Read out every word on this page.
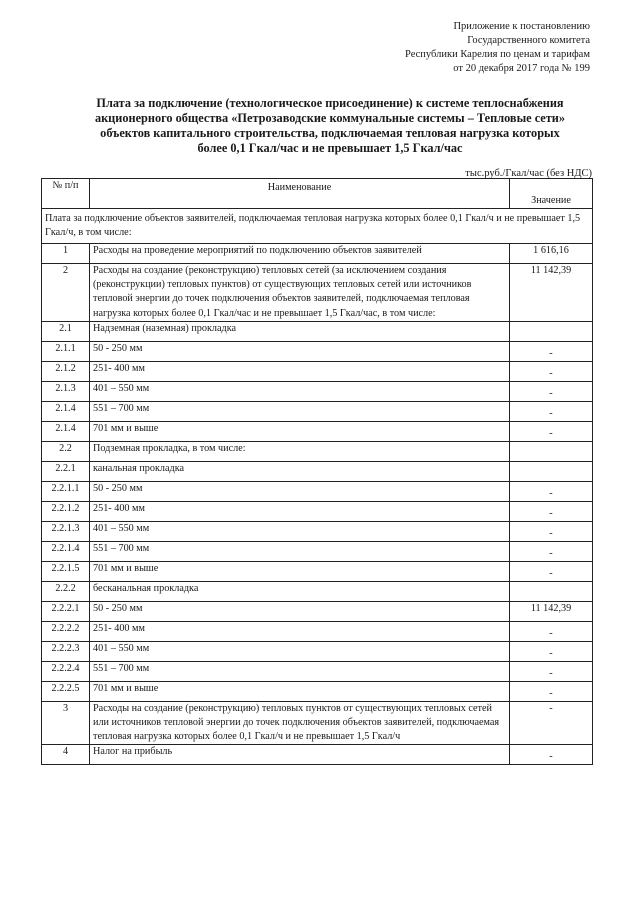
Приложение к постановлению
Государственного комитета
Республики Карелия по ценам и тарифам
от 20 декабря 2017 года № 199
Плата за подключение (технологическое присоединение) к системе теплоснабжения
акционерного общества «Петрозаводские коммунальные системы – Тепловые сети»
объектов капитального строительства, подключаемая тепловая нагрузка которых
более 0,1 Гкал/час и не превышает 1,5 Гкал/час
тыс.руб./Гкал/час (без НДС)
№ п/п	Наименование	Значение
Плата за подключение объектов заявителей, подключаемая тепловая нагрузка которых более 0,1 Гкал/ч и не превышает 1,5 Гкал/ч, в том числе:		
1	Расходы на проведение мероприятий по подключению объектов заявителей	1 616,16
2	Расходы на создание (реконструкцию) тепловых сетей (за исключением создания (реконструкции) тепловых пунктов) от существующих тепловых сетей или источников тепловой энергии до точек подключения объектов заявителей, подключаемая тепловая нагрузка которых более 0,1 Гкал/час и не превышает 1,5 Гкал/час, в том числе:	11 142,39
2.1	Надземная (наземная) прокладка	
2.1.1	50 - 250 мм	-
2.1.2	251- 400 мм	-
2.1.3	401 – 550 мм	-
2.1.4	551 – 700 мм	-
2.1.4	701 мм и выше	-
2.2	Подземная прокладка, в том числе:	
2.2.1	канальная прокладка	
2.2.1.1	50 - 250 мм	-
2.2.1.2	251- 400 мм	-
2.2.1.3	401 – 550 мм	-
2.2.1.4	551 – 700 мм	-
2.2.1.5	701 мм и выше	-
2.2.2	бесканальная прокладка	
2.2.2.1	50 - 250 мм	11 142,39
2.2.2.2	251- 400 мм	-
2.2.2.3	401 – 550 мм	-
2.2.2.4	551 – 700 мм	-
2.2.2.5	701 мм и выше	-
3	Расходы на создание (реконструкцию) тепловых пунктов от существующих тепловых сетей или источников тепловой энергии до точек подключения объектов заявителей, подключаемая тепловая нагрузка которых более 0,1 Гкал/ч и не превышает 1,5 Гкал/ч	-
4	Налог на прибыль	-
